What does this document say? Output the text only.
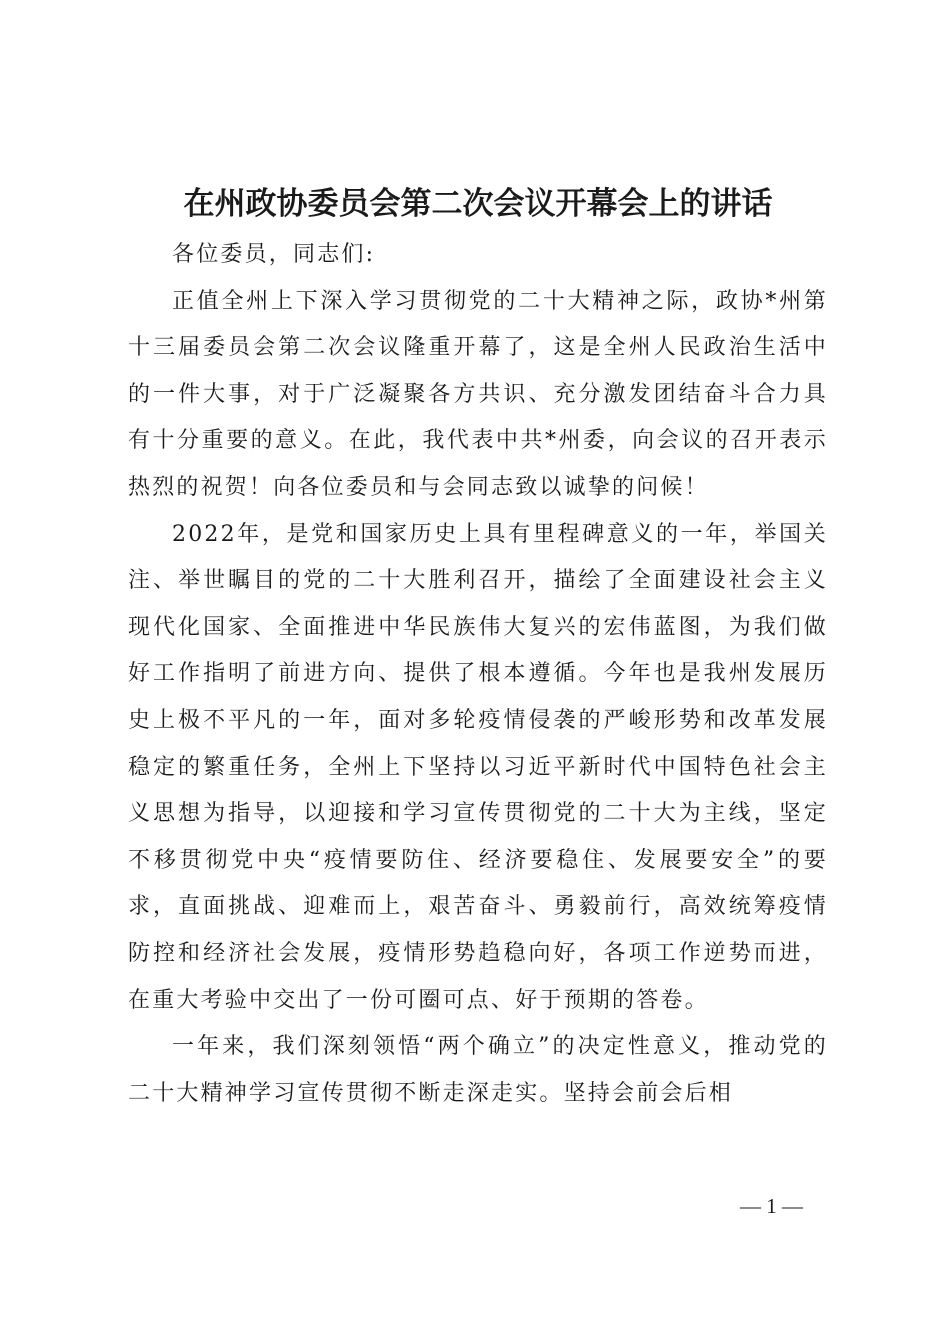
在州政协委员会第二次会议开幕会上的讲话

各位委员，同志们:

正值全州上下深入学习贯彻党的二十大精神之际，政协*州第十三届委员会第二次会议隆重开幕了，这是全州人民政治生活中的一件大事，对于广泛凝聚各方共识、充分激发团结奋斗合力具有十分重要的意义。在此，我代表中共*州委，向会议的召开表示热烈的祝贺！向各位委员和与会同志致以诚挚的问候！

2022年，是党和国家历史上具有里程碑意义的一年，举国关注、举世瞩目的党的二十大胜利召开，描绘了全面建设社会主义现代化国家、全面推进中华民族伟大复兴的宏伟蓝图，为我们做好工作指明了前进方向、提供了根本遵循。今年也是我州发展历史上极不平凡的一年，面对多轮疫情侵袭的严峻形势和改革发展稳定的繁重任务，全州上下坚持以习近平新时代中国特色社会主义思想为指导，以迎接和学习宣传贯彻党的二十大为主线，坚定不移贯彻党中央“疫情要防住、经济要稳住、发展要安全”的要求，直面挑战、迎难而上，艰苦奋斗、勇毅前行，高效统筹疫情防控和经济社会发展，疫情形势趋稳向好，各项工作逆势而进，在重大考验中交出了一份可圈可点、好于预期的答卷。

一年来，我们深刻领悟“两个确立”的决定性意义，推动党的二十大精神学习宣传贯彻不断走深走实。坚持会前会后相

— 1 —
